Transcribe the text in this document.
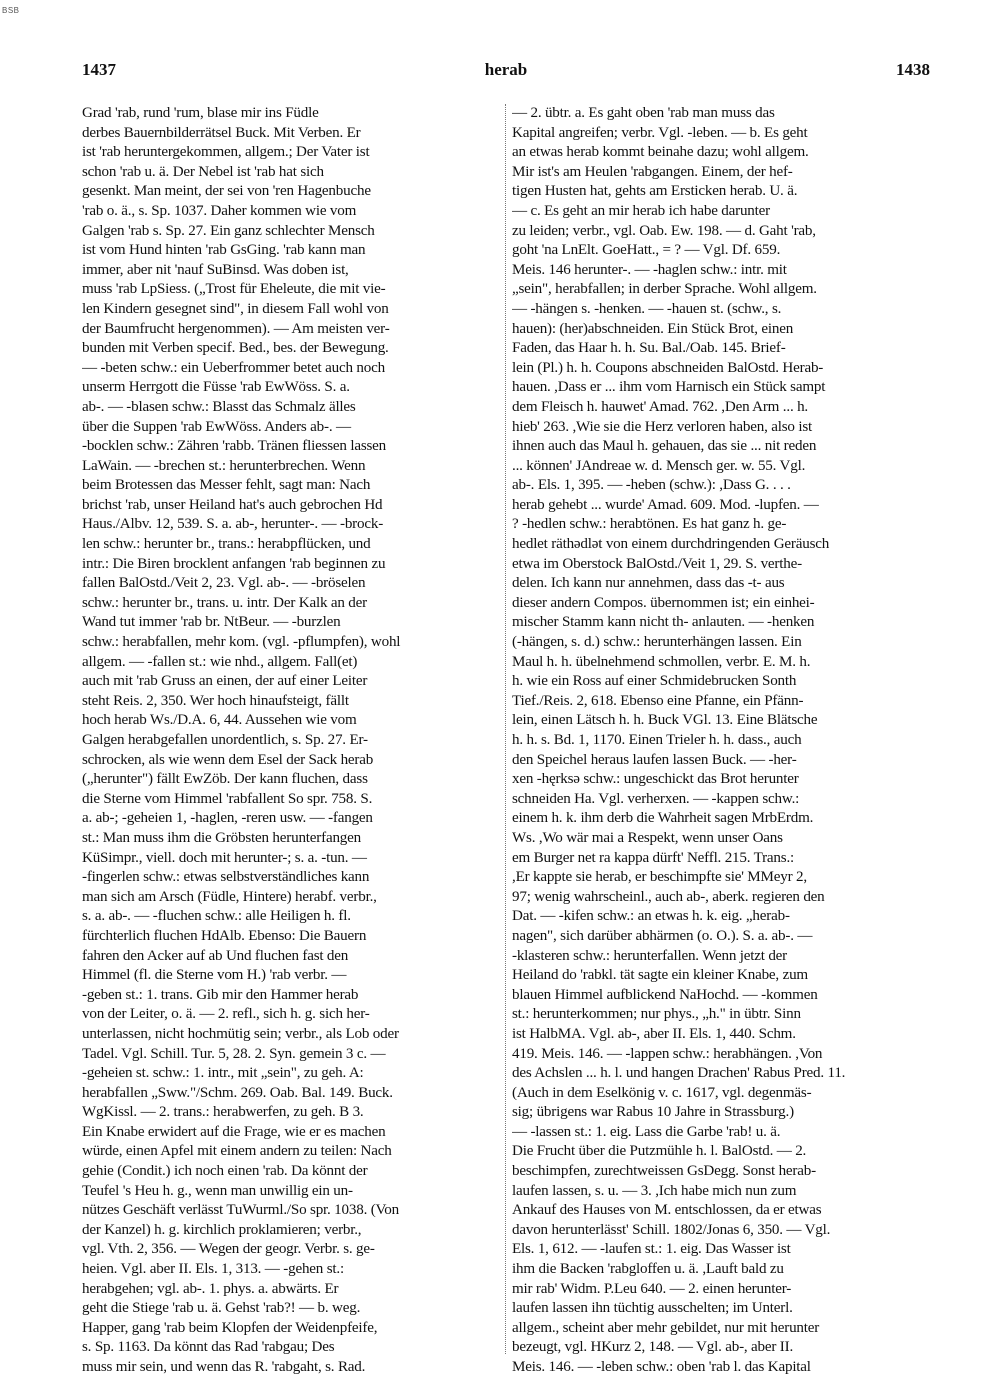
BSB
1437	herab	1438
Grad 'rab, rund 'rum, blase mir ins Füdle
derbes Bauernbilderrätsel Buck. Mit Verben. Er
ist 'rab heruntergekommen, allgem.; Der Vater ist
schon 'rab u. ä. Der Nebel ist 'rab hat sich
gesenkt. Man meint, der sei von 'ren Hagenbuche
'rab o. ä., s. Sp. 1037. Daher kommen wie vom
Galgen 'rab s. Sp. 27. Ein ganz schlechter Mensch
ist vom Hund hinten 'rab GsGing. 'rab kann man
immer, aber nit 'nauf SuBinsd. Was doben ist,
muss 'rab LpSiess. („Trost für Eheleute, die mit vie-
len Kindern gesegnet sind", in diesem Fall wohl von
der Baumfrucht hergenommen). — Am meisten ver-
bunden mit Verben specif. Bed., bes. der Bewegung.
— -beten schw.: ein Ueberfrommer betet auch noch
unserm Herrgott die Füsse 'rab EwWöss. S. a.
ab-. — -blasen schw.: Blasst das Schmalz älles
über die Suppen 'rab EwWöss. Anders ab-. —
-bocklen schw.: Zähren 'rabb. Tränen fliessen lassen
LaWain. — -brechen st.: herunterbrechen. Wenn
beim Brotessen das Messer fehlt, sagt man: Nach
brichst 'rab, unser Heiland hat's auch gebrochen Hd
Haus./Albv. 12, 539. S. a. ab-, herunter-. — -brock-
len schw.: herunter br., trans.: herabpflücken, und
intr.: Die Biren brocklent anfangen 'rab beginnen zu
fallen BalOstd./Veit 2, 23. Vgl. ab-. — -bröselen
schw.: herunter br., trans. u. intr. Der Kalk an der
Wand tut immer 'rab br. NtBeur. — -burzlen
schw.: herabfallen, mehr kom. (vgl. -pflumpfen), wohl
allgem. — -fallen st.: wie nhd., allgem. Fall(et)
auch mit 'rab Gruss an einen, der auf einer Leiter
steht Reis. 2, 350. Wer hoch hinaufsteigt, fällt
hoch herab Ws./D.A. 6, 44. Aussehen wie vom
Galgen herabgefallen unordentlich, s. Sp. 27. Er-
schrocken, als wie wenn dem Esel der Sack herab
(„herunter") fällt EwZöb. Der kann fluchen, dass
die Sterne vom Himmel 'rabfallent So spr. 758. S.
a. ab-; -geheien 1, -haglen, -reren usw. — -fangen
st.: Man muss ihm die Gröbsten herunterfangen
KüSimpr., viell. doch mit herunter-; s. a. -tun. —
-fingerlen schw.: etwas selbstverständliches kann
man sich am Arsch (Füdle, Hintere) herabf. verbr.,
s. a. ab-. — -fluchen schw.: alle Heiligen h. fl.
fürchterlich fluchen HdAlb. Ebenso: Die Bauern
fahren den Acker auf ab Und fluchen fast den
Himmel (fl. die Sterne vom H.) 'rab verbr. —
-geben st.: 1. trans. Gib mir den Hammer herab
von der Leiter, o. ä. — 2. refl., sich h. g. sich her-
unterlassen, nicht hochmütig sein; verbr., als Lob oder
Tadel. Vgl. Schill. Tur. 5, 28. 2. Syn. gemein 3 c. —
-geheien st. schw.: 1. intr., mit „sein", zu geh. A:
herabfallen „Sww."/Schm. 269. Oab. Bal. 149. Buck.
WgKissl. — 2. trans.: herabwerfen, zu geh. B 3.
Ein Knabe erwidert auf die Frage, wie er es machen
würde, einen Apfel mit einem andern zu teilen: Nach
gehie (Condit.) ich noch einen 'rab. Da könnt der
Teufel 's Heu h. g., wenn man unwillig ein un-
nützes Geschäft verlässt TuWurml./So spr. 1038. (Von
der Kanzel) h. g. kirchlich proklamieren; verbr.,
vgl. Vth. 2, 356. — Wegen der geogr. Verbr. s. ge-
heien. Vgl. aber II. Els. 1, 313. — -gehen st.:
herabgehen; vgl. ab-. 1. phys. a. abwärts. Er
geht die Stiege 'rab u. ä. Gehst 'rab?! — b. weg.
Happer, gang 'rab beim Klopfen der Weidenpfeife,
s. Sp. 1163. Da könnt das Rad 'rabgau; Des
muss mir sein, und wenn das R. 'rabgaht, s. Rad.
— 2. übtr. a. Es gaht oben 'rab man muss das
Kapital angreifen; verbr. Vgl. -leben. — b. Es geht
an etwas herab kommt beinahe dazu; wohl allgem.
Mir ist's am Heulen 'rabgangen. Einem, der hef-
tigen Husten hat, gehts am Ersticken herab. U. ä.
— c. Es geht an mir herab ich habe darunter
zu leiden; verbr., vgl. Oab. Ew. 198. — d. Gaht 'rab,
goht 'na LnElt. GoeHatt., = ? — Vgl. Df. 659.
Meis. 146 herunter-. — -haglen schw.: intr. mit
„sein", herabfallen; in derber Sprache. Wohl allgem.
— -hängen s. -henken. — -hauen st. (schw., s.
hauen): (her)abschneiden. Ein Stück Brot, einen
Faden, das Haar h. h. Su. Bal./Oab. 145. Brief-
lein (Pl.) h. h. Coupons abschneiden BalOstd. Herab-
hauen. ,Dass er ... ihm vom Harnisch ein Stück sampt
dem Fleisch h. hauwet' Amad. 762. ,Den Arm ... h.
hieb' 263. ,Wie sie die Herz verloren haben, also ist
ihnen auch das Maul h. gehauen, das sie ... nit reden
... können' JAndreae w. d. Mensch ger. w. 55. Vgl.
ab-. Els. 1, 395. — -heben (schw.): ,Dass G. . . .
herab gehebt ... wurde' Amad. 609. Mod. -lupfen. —
? -hedlen schw.: herabtönen. Es hat ganz h. ge-
hedlet räthədlət von einem durchdringenden Geräusch
etwa im Oberstock BalOstd./Veit 1, 29. S. verthe-
delen. Ich kann nur annehmen, dass das -t- aus
dieser andern Compos. übernommen ist; ein einhei-
mischer Stamm kann nicht th- anlauten. — -henken
(-hängen, s. d.) schw.: herunterhängen lassen. Ein
Maul h. h. übelnehmend schmollen, verbr. E. M. h.
h. wie ein Ross auf einer Schmidebrucken Sonth
Tief./Reis. 2, 618. Ebenso eine Pfanne, ein Pfänn-
lein, einen Lätsch h. h. Buck VGl. 13. Eine Blätsche
h. h. s. Bd. 1, 1170. Einen Trieler h. h. dass., auch
den Speichel heraus laufen lassen Buck. — -her-
xen -hęrksə schw.: ungeschickt das Brot herunter
schneiden Ha. Vgl. verherxen. — -kappen schw.:
einem h. k. ihm derb die Wahrheit sagen MrbErdm.
Ws. ,Wo wär mai a Respekt, wenn unser Oans
em Burger net ra kappa dürft' Neffl. 215. Trans.:
,Er kappte sie herab, er beschimpfte sie' MMeyr 2,
97; wenig wahrscheinl., auch ab-, aberk. regieren den
Dat. — -kifen schw.: an etwas h. k. eig. „herab-
nagen", sich darüber abhärmen (o. O.). S. a. ab-. —
-klasteren schw.: herunterfallen. Wenn jetzt der
Heiland do 'rabkl. tät sagte ein kleiner Knabe, zum
blauen Himmel aufblickend NaHochd. — -kommen
st.: herunterkommen; nur phys., „h." in übtr. Sinn
ist HalbMA. Vgl. ab-, aber II. Els. 1, 440. Schm.
419. Meis. 146. — -lappen schw.: herabhängen. ,Von
des Achslen ... h. l. und hangen Drachen' Rabus Pred. 11.
(Auch in dem Eselkönig v. c. 1617, vgl. degenmäs-
sig; übrigens war Rabus 10 Jahre in Strassburg.)
— -lassen st.: 1. eig. Lass die Garbe 'rab! u. ä.
Die Frucht über die Putzmühle h. l. BalOstd. — 2.
beschimpfen, zurechtweissen GsDegg. Sonst herab-
laufen lassen, s. u. — 3. ,Ich habe mich nun zum
Ankauf des Hauses von M. entschlossen, da er etwas
davon herunterlässt' Schill. 1802/Jonas 6, 350. — Vgl.
Els. 1, 612. — -laufen st.: 1. eig. Das Wasser ist
ihm die Backen 'rabgloffen u. ä. ,Lauft bald zu
mir rab' Widm. P.Leu 640. — 2. einen herunter-
laufen lassen ihn tüchtig ausschelten; im Unterl.
allgem., scheint aber mehr gebildet, nur mit herunter
bezeugt, vgl. HKurz 2, 148. — Vgl. ab-, aber II.
Meis. 146. — -leben schw.: oben 'rab l. das Kapital
